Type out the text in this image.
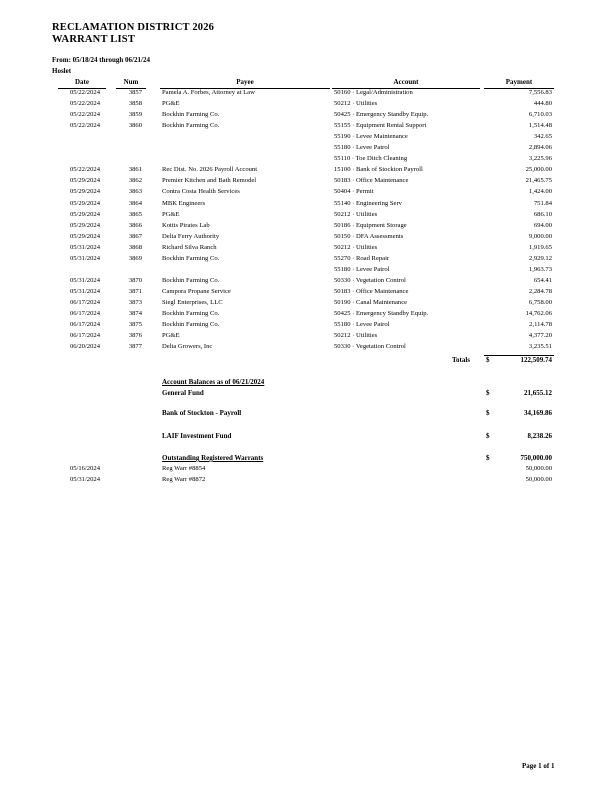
RECLAMATION DISTRICT 2026
WARRANT LIST
From: 05/18/24 through 06/21/24
Hoslet
Date	Num	Payee	Account	Payment
05/22/2024	3857	Pamela A. Forbes, Attorney at Law	50160 · Legal/Administration	7,556.83
05/22/2024	3858	PG&E	50212 · Utilities	444.80
05/22/2024	3859	Bockhin Farming Co.	50425 · Emergency Standby Equip.	6,710.03
05/22/2024	3860	Bockhin Farming Co.	55155 · Equipment Rental Support	1,514.48
55190 · Levee Maintenance	342.65
55180 · Levee Patrol	2,894.06
55110 · Toe Ditch Cleaning	3,225.96
05/22/2024	3861	Rec Dist. No. 2026 Payroll Account	15100 · Bank of Stockton Payroll	25,000.00
05/29/2024	3862	Premier Kitchen and Bath Remodel	50183 · Office Maintenance	21,465.75
05/29/2024	3863	Contra Costa Health Services	50404 · Permit	1,424.00
05/29/2024	3864	MBK Engineers	55140 · Engineering Serv	751.84
05/29/2024	3865	PG&E	50212 · Utilities	686.10
05/29/2024	3866	Kottis Pirates Lab	50186 · Equipment Storage	694.00
05/29/2024	3867	Delta Ferry Authority	50150 · DFA Assessments	9,000.00
05/31/2024	3868	Richard Silva Ranch	50212 · Utilities	1,919.65
05/31/2024	3869	Bockhin Farming Co.	55270 · Road Repair	2,929.12
55180 · Levee Patrol	1,963.73
05/31/2024	3870	Bockhin Farming Co.	50330 · Vegetation Control	654.41
05/31/2024	3871	Campora Propane Service	50183 · Office Maintenance	2,284.78
06/17/2024	3873	Siegl Enterprises, LLC	50190 · Canal Maintenance	6,758.00
06/17/2024	3874	Bockhin Farming Co.	50425 · Emergency Standby Equip.	14,762.06
06/17/2024	3875	Bockhin Farming Co.	55180 · Levee Patrol	2,114.78
06/17/2024	3876	PG&E	50212 · Utilities	4,377.20
06/20/2024	3877	Delta Growers, Inc	50330 · Vegetation Control	3,235.51
Totals $	122,509.74
Account Balances as of 06/21/2024
General Fund	$	21,655.12
Bank of Stockton - Payroll	$	34,169.86
LAIF Investment Fund	$	8,238.26
Outstanding Registered Warrants	$	750,000.00
05/16/2024	Reg Warr #8854	50,000.00
05/31/2024	Reg Warr #8872	50,000.00
Page 1 of 1
